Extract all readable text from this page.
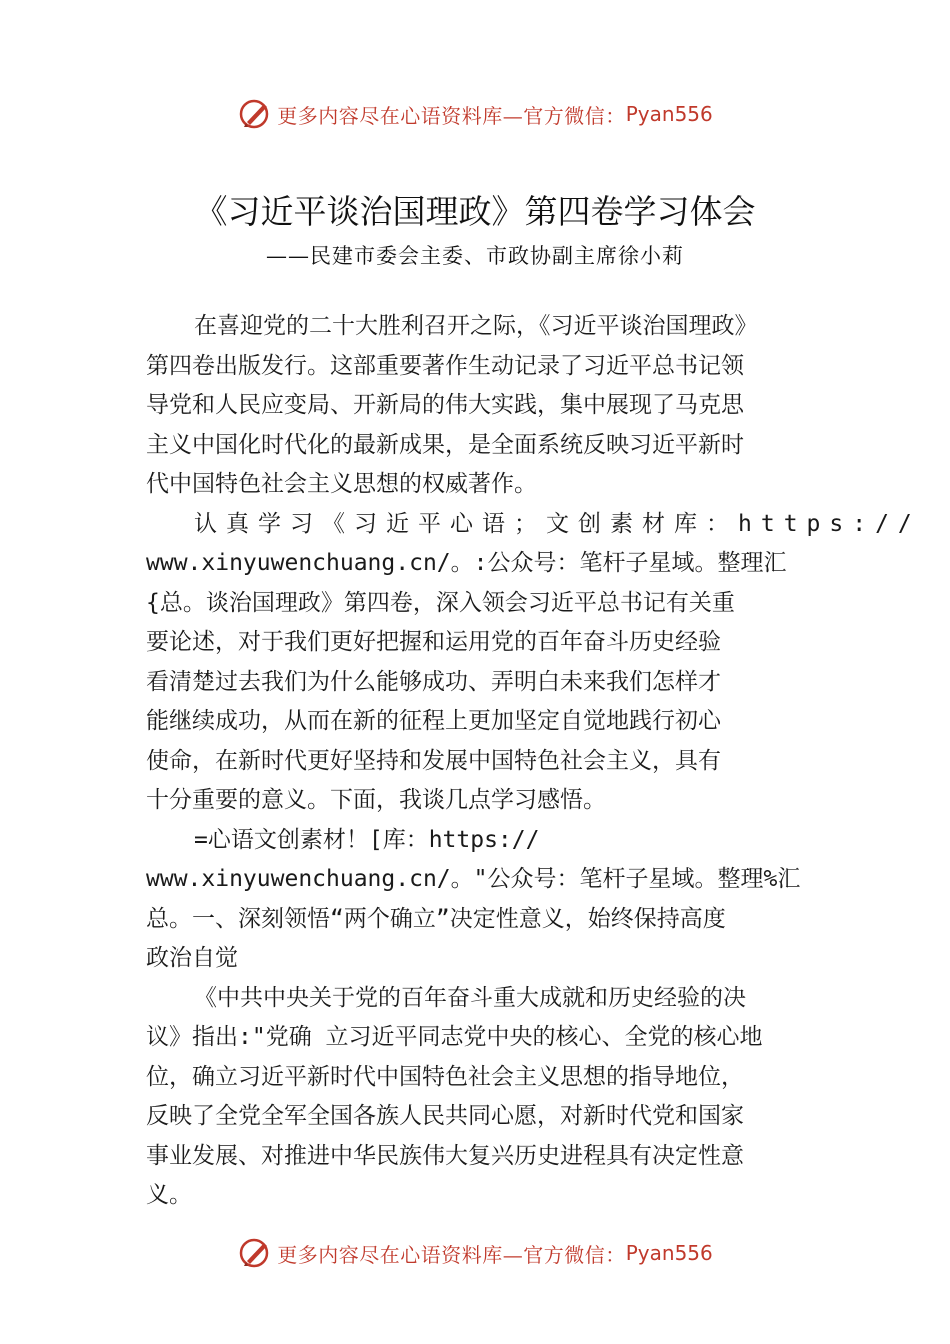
更多内容尽在心语资料库—官方微信： Pyan556
《习近平谈治国理政》第四卷学习体会
——民建市委会主委、市政协副主席徐小莉
在喜迎党的二十大胜利召开之际，《习近平谈治国理政》
第四卷出版发行。这部重要著作生动记录了习近平总书记领
导党和人民应变局、开新局的伟大实践，集中展现了马克思
主义中国化时代化的最新成果，是全面系统反映习近平新时
代中国特色社会主义思想的权威著作。
认真学习《习近平心语；文创素材库：https://
www.xinyuwenchuang.cn/。:公众号：笔杆子星域。整理汇
{总。谈治国理政》第四卷，深入领会习近平总书记有关重
要论述，对于我们更好把握和运用党的百年奋斗历史经验
看清楚过去我们为什么能够成功、弄明白未来我们怎样才
能继续成功，从而在新的征程上更加坚定自觉地践行初心
使命，在新时代更好坚持和发展中国特色社会主义，具有
十分重要的意义。下面，我谈几点学习感悟。
=心语文创素材！[库：https://
www.xinyuwenchuang.cn/。"公众号：笔杆子星域。整理%汇
总。一、深刻领悟“两个确立”决定性意义，始终保持高度
政治自觉
《中共中央关于党的百年奋斗重大成就和历史经验的决
议》指出:"党确 立习近平同志党中央的核心、全党的核心地
位，确立习近平新时代中国特色社会主义思想的指导地位，
反映了全党全军全国各族人民共同心愿，对新时代党和国家
事业发展、对推进中华民族伟大复兴历史进程具有决定性意
义。
更多内容尽在心语资料库—官方微信： Pyan556
